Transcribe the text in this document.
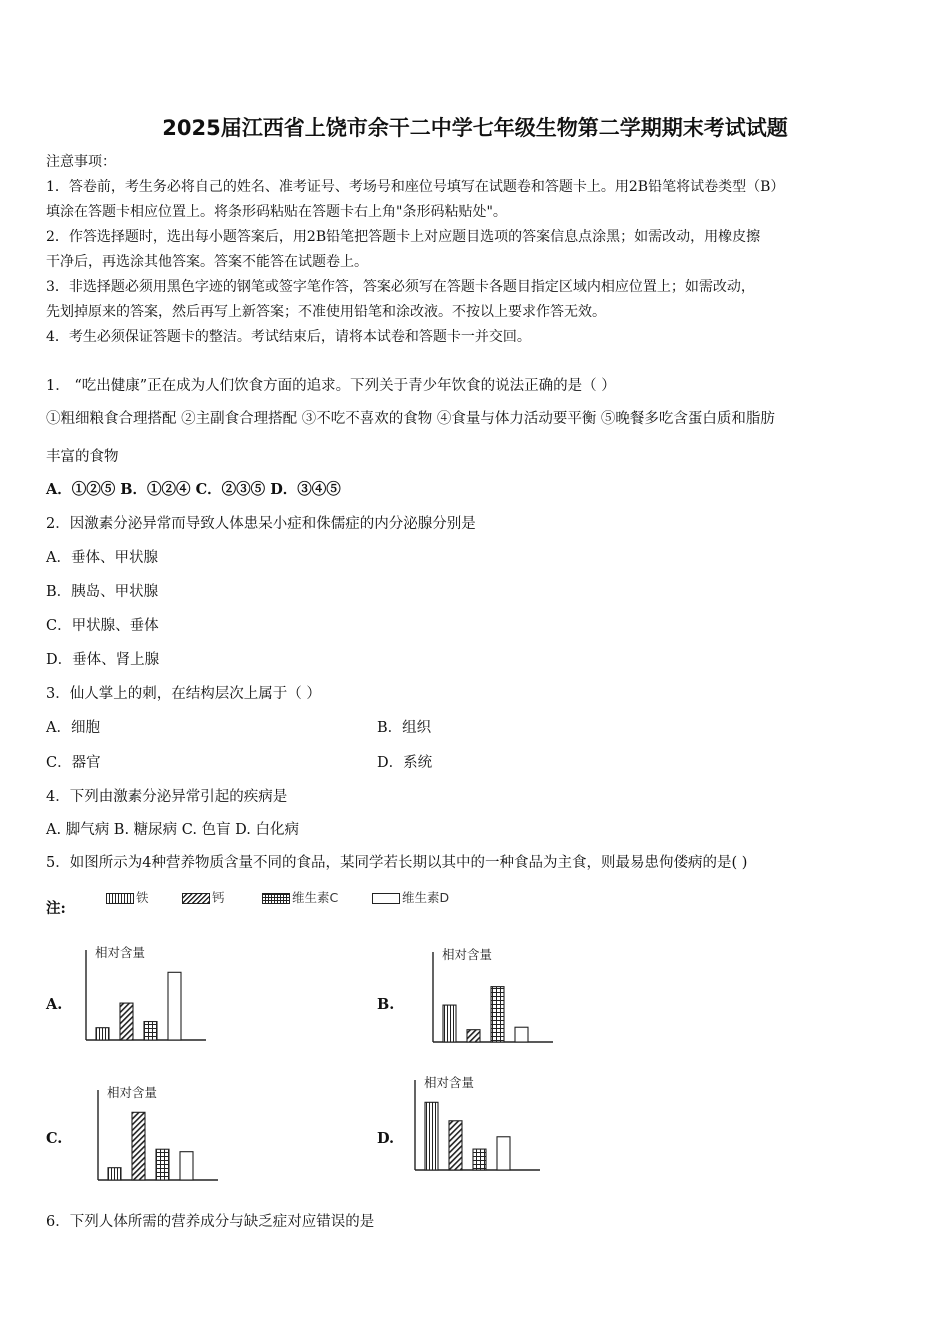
2025届江西省上饶市余干二中学七年级生物第二学期期末考试试题
注意事项：
1．答卷前，考生务必将自己的姓名、准考证号、考场号和座位号填写在试题卷和答题卡上。用2B铅笔将试卷类型（B）
填涂在答题卡相应位置上。将条形码粘贴在答题卡右上角"条形码粘贴处"。
2．作答选择题时，选出每小题答案后，用2B铅笔把答题卡上对应题目选项的答案信息点涂黑；如需改动，用橡皮擦
干净后，再选涂其他答案。答案不能答在试题卷上。
3．非选择题必须用黑色字迹的钢笔或签字笔作答，答案必须写在答题卡各题目指定区域内相应位置上；如需改动，
先划掉原来的答案，然后再写上新答案；不准使用铅笔和涂改液。不按以上要求作答无效。
4．考生必须保证答题卡的整洁。考试结束后，请将本试卷和答题卡一并交回。
1． “吃出健康”正在成为人们饮食方面的追求。下列关于青少年饮食的说法正确的是（ ）
①粗细粮食合理搭配 ②主副食合理搭配 ③不吃不喜欢的食物 ④食量与体力活动要平衡 ⑤晚餐多吃含蛋白质和脂肪
丰富的食物
A．①②⑤ B．①②④ C．②③⑤ D．③④⑤
2．因激素分泌异常而导致人体患呆小症和侏儒症的内分泌腺分别是
A．垂体、甲状腺
B．胰岛、甲状腺
C．甲状腺、垂体
D．垂体、肾上腺
3．仙人掌上的刺，在结构层次上属于（ ）
A．细胞	B．组织
C．器官	D．系统
4．下列由激素分泌异常引起的疾病是
A. 脚气病 B. 糖尿病 C. 色盲 D. 白化病
5．如图所示为4种营养物质含量不同的食品，某同学若长期以其中的一种食品为主食，则最易患佝偻病的是( )
注:
铁	钙	维生素C	维生素D
A.	B.
C.	D.
相对含量	相对含量
相对含量
相对含量
6．下列人体所需的营养成分与缺乏症对应错误的是
